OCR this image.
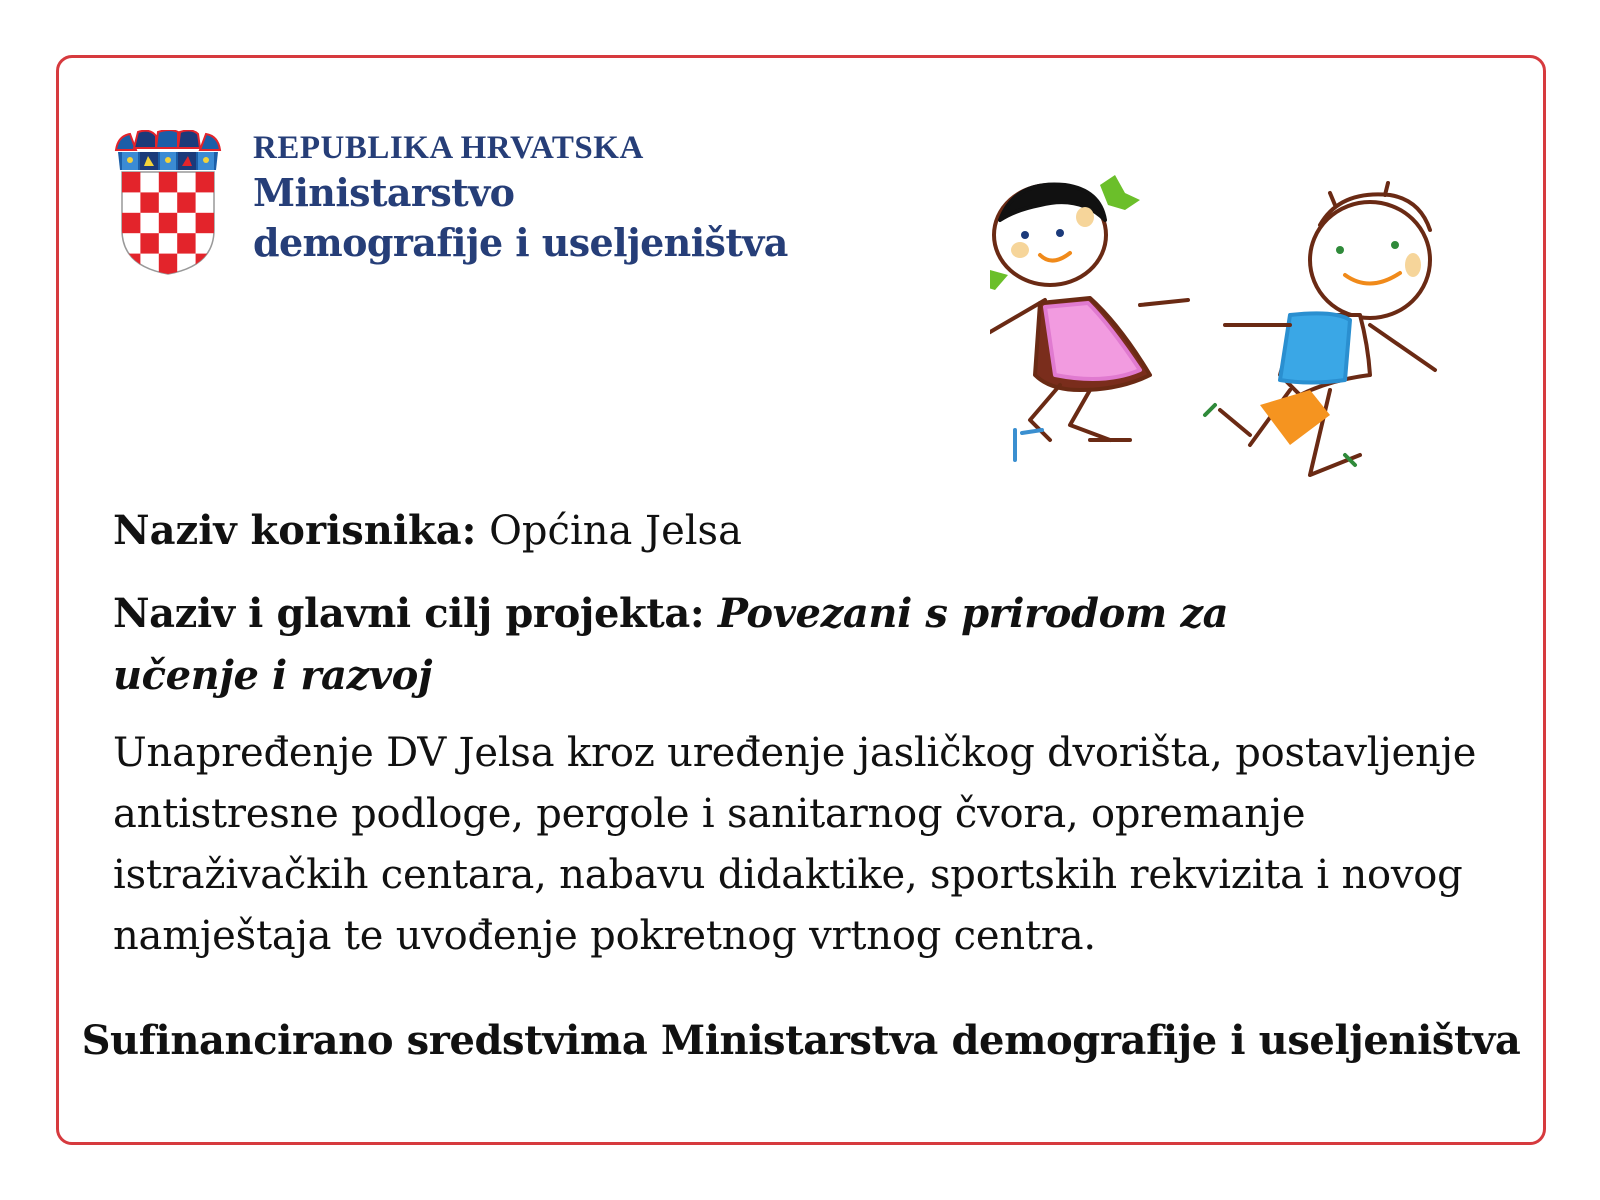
REPUBLIKA HRVATSKA
Ministarstvo
demografije i useljeništva
Naziv korisnika: Općina Jelsa
Naziv i glavni cilj projekta: Povezani s prirodom za učenje i razvoj
Unapređenje DV Jelsa kroz uređenje jasličkog dvorišta, postavljenje antistresne podloge, pergole i sanitarnog čvora, opremanje istraživačkih centara, nabavu didaktike, sportskih rekvizita i novog namještaja te uvođenje pokretnog vrtnog centra.
Sufinancirano sredstvima Ministarstva demografije i useljeništva
